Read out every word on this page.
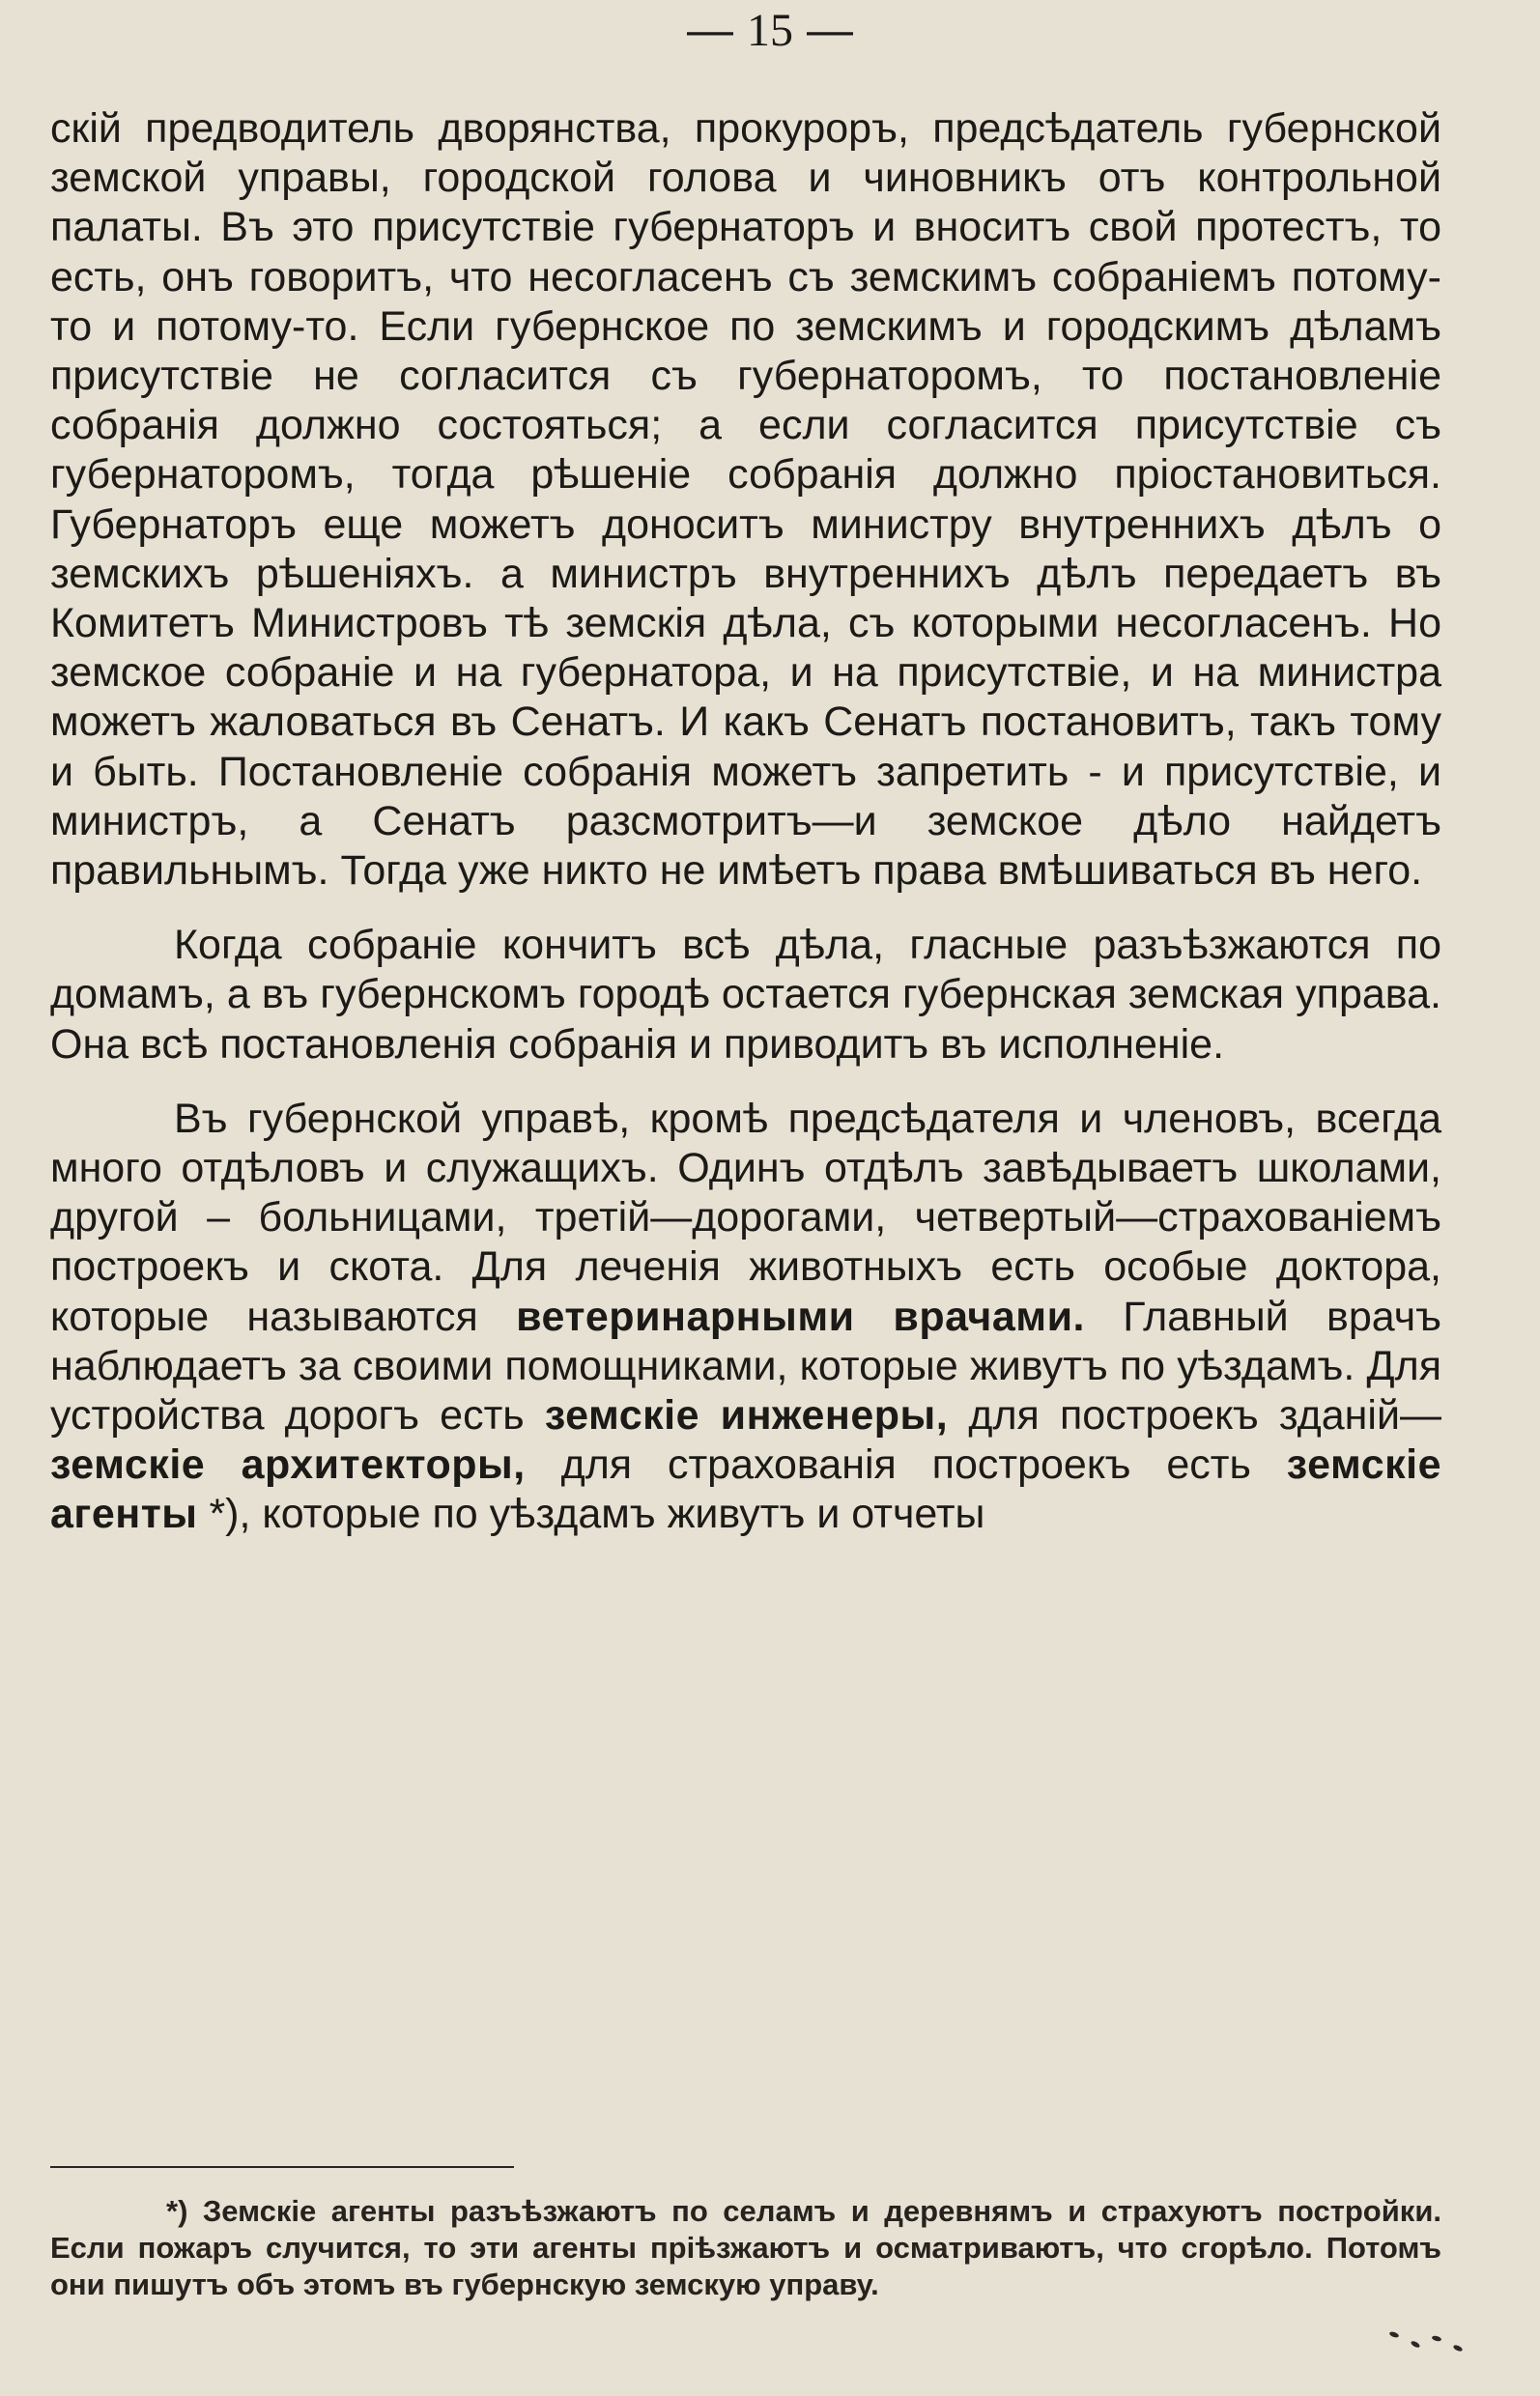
— 15 —

скій предводитель дворянства, прокуроръ, предсѣдатель губернской земской управы, городской голова и чиновникъ отъ контрольной палаты. Въ это присутствіе губернаторъ и вноситъ свой протестъ, то есть, онъ говоритъ, что несогласенъ съ земскимъ собраніемъ потому-то и потому-то. Если губернское по земскимъ и городскимъ дѣламъ присутствіе не согласится съ губернаторомъ, то постановленіе собранія должно состояться; а если согласится присутствіе съ губернаторомъ, тогда рѣшеніе собранія должно пріостановиться. Губернаторъ еще можетъ доноситъ министру внутреннихъ дѣлъ о земскихъ рѣшеніяхъ. а министръ внутреннихъ дѣлъ передаетъ въ Комитетъ Министровъ тѣ земскія дѣла, съ которыми несогласенъ. Но земское собраніе и на губернатора, и на присутствіе, и на министра можетъ жаловаться въ Сенатъ. И какъ Сенатъ постановитъ, такъ тому и быть. Постановленіе собранія можетъ запретить - и присутствіе, и министръ, а Сенатъ разсмотритъ—и земское дѣло найдетъ правильнымъ. Тогда уже никто не имѣетъ права вмѣшиваться въ него.

Когда собраніе кончитъ всѣ дѣла, гласные разъѣзжаются по домамъ, а въ губернскомъ городѣ остается губернская земская управа. Она всѣ постановленія собранія и приводитъ въ исполненіе.

Въ губернской управѣ, кромѣ предсѣдателя и членовъ, всегда много отдѣловъ и служащихъ. Одинъ отдѣлъ завѣдываетъ школами, другой – больницами, третій—дорогами, четвертый—страхованіемъ построекъ и скота. Для леченія животныхъ есть особые доктора, которые называются ветеринарными врачами. Главный врачъ наблюдаетъ за своими помощниками, которые живутъ по уѣздамъ. Для устройства дорогъ есть земскіе инженеры, для построекъ зданій—земскіе архитекторы, для страхованія построекъ есть земскіе агенты *), которые по уѣздамъ живутъ и отчеты

*) Земскіе агенты разъѣзжаютъ по селамъ и деревнямъ и страхуютъ постройки. Если пожаръ случится, то эти агенты пріѣзжаютъ и осматриваютъ, что сгорѣло. Потомъ они пишутъ объ этомъ въ губернскую земскую управу.
